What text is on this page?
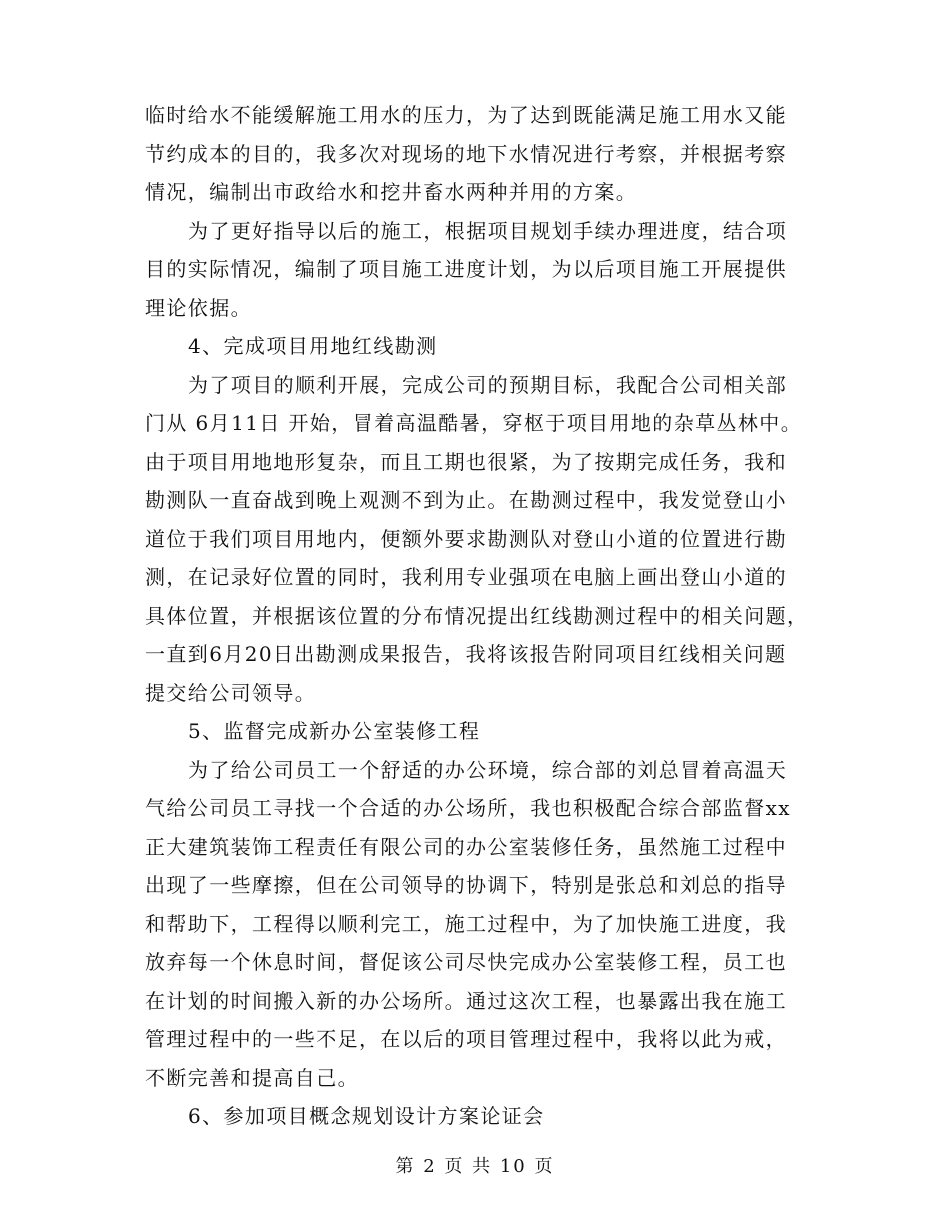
临时给水不能缓解施工用水的压力，为了达到既能满足施工用水又能
节约成本的目的，我多次对现场的地下水情况进行考察，并根据考察
情况，编制出市政给水和挖井畜水两种并用的方案。
为了更好指导以后的施工，根据项目规划手续办理进度，结合项
目的实际情况，编制了项目施工进度计划，为以后项目施工开展提供
理论依据。
4、完成项目用地红线勘测
为了项目的顺利开展，完成公司的预期目标，我配合公司相关部
门从 6月11日 开始，冒着高温酷暑，穿枢于项目用地的杂草丛林中。
由于项目用地地形复杂，而且工期也很紧，为了按期完成任务，我和
勘测队一直奋战到晚上观测不到为止。在勘测过程中，我发觉登山小
道位于我们项目用地内，便额外要求勘测队对登山小道的位置进行勘
测，在记录好位置的同时，我利用专业强项在电脑上画出登山小道的
具体位置，并根据该位置的分布情况提出红线勘测过程中的相关问题，
一直到6月20日出勘测成果报告，我将该报告附同项目红线相关问题
提交给公司领导。
5、监督完成新办公室装修工程
为了给公司员工一个舒适的办公环境，综合部的刘总冒着高温天
气给公司员工寻找一个合适的办公场所，我也积极配合综合部监督xx
正大建筑装饰工程责任有限公司的办公室装修任务，虽然施工过程中
出现了一些摩擦，但在公司领导的协调下，特别是张总和刘总的指导
和帮助下，工程得以顺利完工，施工过程中，为了加快施工进度，我
放弃每一个休息时间，督促该公司尽快完成办公室装修工程，员工也
在计划的时间搬入新的办公场所。通过这次工程，也暴露出我在施工
管理过程中的一些不足，在以后的项目管理过程中，我将以此为戒，
不断完善和提高自己。
6、参加项目概念规划设计方案论证会
第 2 页 共 10 页
